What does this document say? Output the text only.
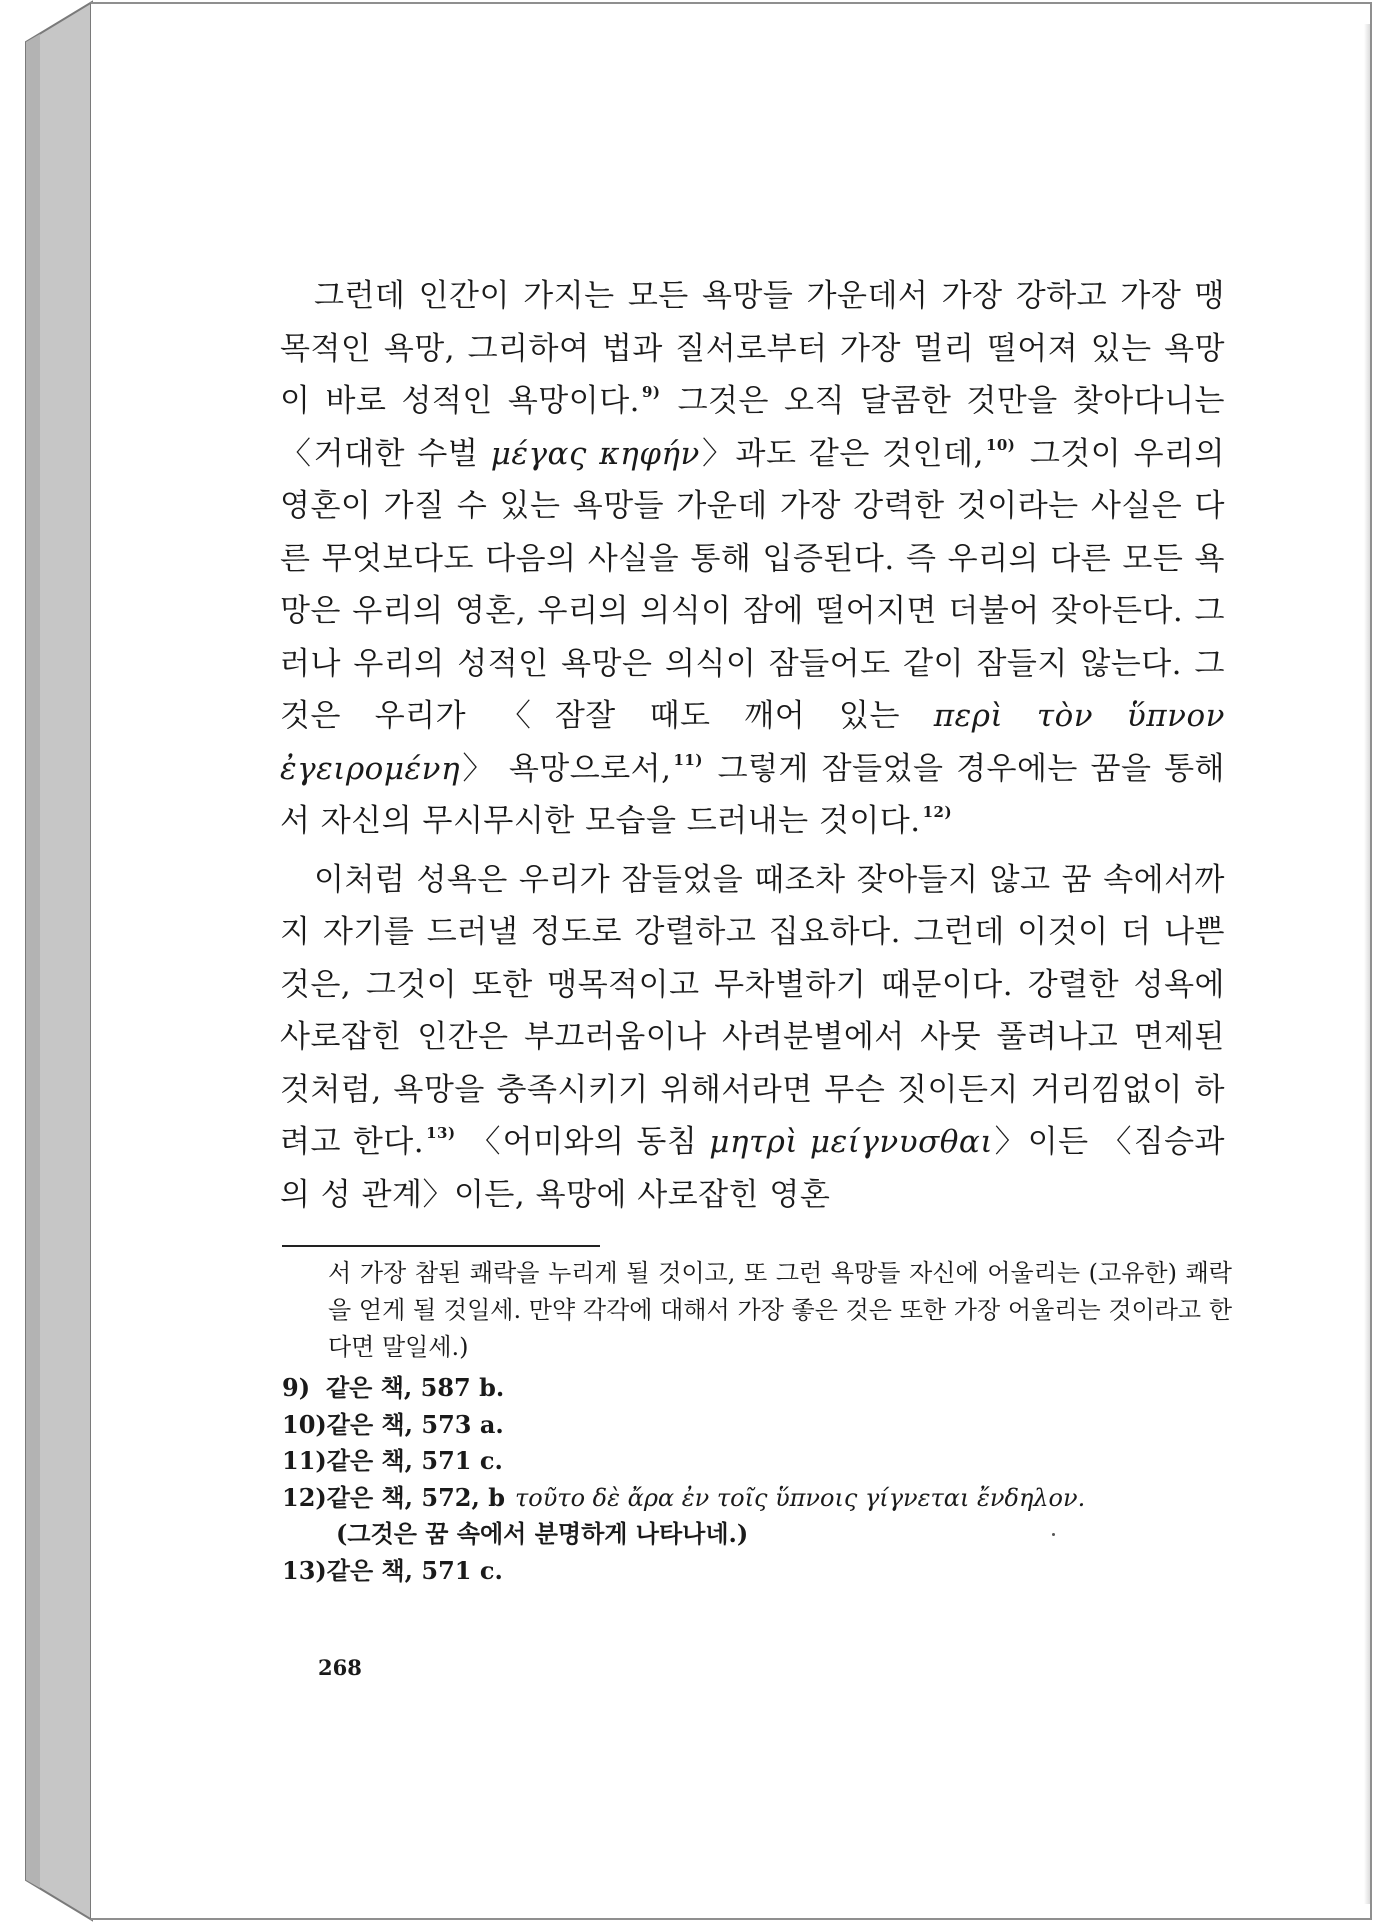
그런데 인간이 가지는 모든 욕망들 가운데서 가장 강하고 가장 맹목적인 욕망, 그리하여 법과 질서로부터 가장 멀리 떨어져 있는 욕망이 바로 성적인 욕망이다. $^{9)}$ 그것은 오직 달콤한 것만을 찾아다니는 〈거대한 수벌 μέγας κηφήν〉과도 같은 것인데, $^{10)}$ 그것이 우리의 영혼이 가질 수 있는 욕망들 가운데 가장 강력한 것이라는 사실은 다른 무엇보다도 다음의 사실을 통해 입증된다. 즉 우리의 다른 모든 욕망은 우리의 영혼, 우리의 의식이 잠에 떨어지면 더불어 잦아든다. 그러나 우리의 성적인 욕망은 의식이 잠들어도 같이 잠들지 않는다. 그것은 우리가 〈잠잘 때도 깨어 있는 περὶ τὸν ὕπνον ἐγειρομένη〉 욕망으로서, $^{11)}$ 그렇게 잠들었을 경우에는 꿈을 통해서 자신의 무시무시한 모습을 드러내는 것이다. $^{12)}$

이처럼 성욕은 우리가 잠들었을 때조차 잦아들지 않고 꿈 속에서까지 자기를 드러낼 정도로 강렬하고 집요하다. 그런데 이것이 더 나쁜 것은, 그것이 또한 맹목적이고 무차별하기 때문이다. 강렬한 성욕에 사로잡힌 인간은 부끄러움이나 사려분별에서 사뭇 풀려나고 면제된 것처럼, 욕망을 충족시키기 위해서라면 무슨 짓이든지 거리낌없이 하려고 한다. $^{13)}$ 〈어미와의 동침 μητρὶ μείγνυσθαι〉이든 〈짐승과의 성 관계〉이든, 욕망에 사로잡힌 영혼

서 가장 참된 쾌락을 누리게 될 것이고, 또 그런 욕망들 자신에 어울리는 (고유한) 쾌락을 얻게 될 것일세. 만약 각각에 대해서 가장 좋은 것은 또한 가장 어울리는 것이라고 한다면 말일세.)

9) 같은 책, 587 b.

10)같은 책, 573 a.

11)같은 책, 571 c.

12)같은 책, 572, b τοῦτο δὲ ἄρα ἐν τοῖς ὕπνοις γίγνεται ἔνδηλον.

(그것은 꿈 속에서 분명하게 나타나네.)

13)같은 책, 571 c.

268
